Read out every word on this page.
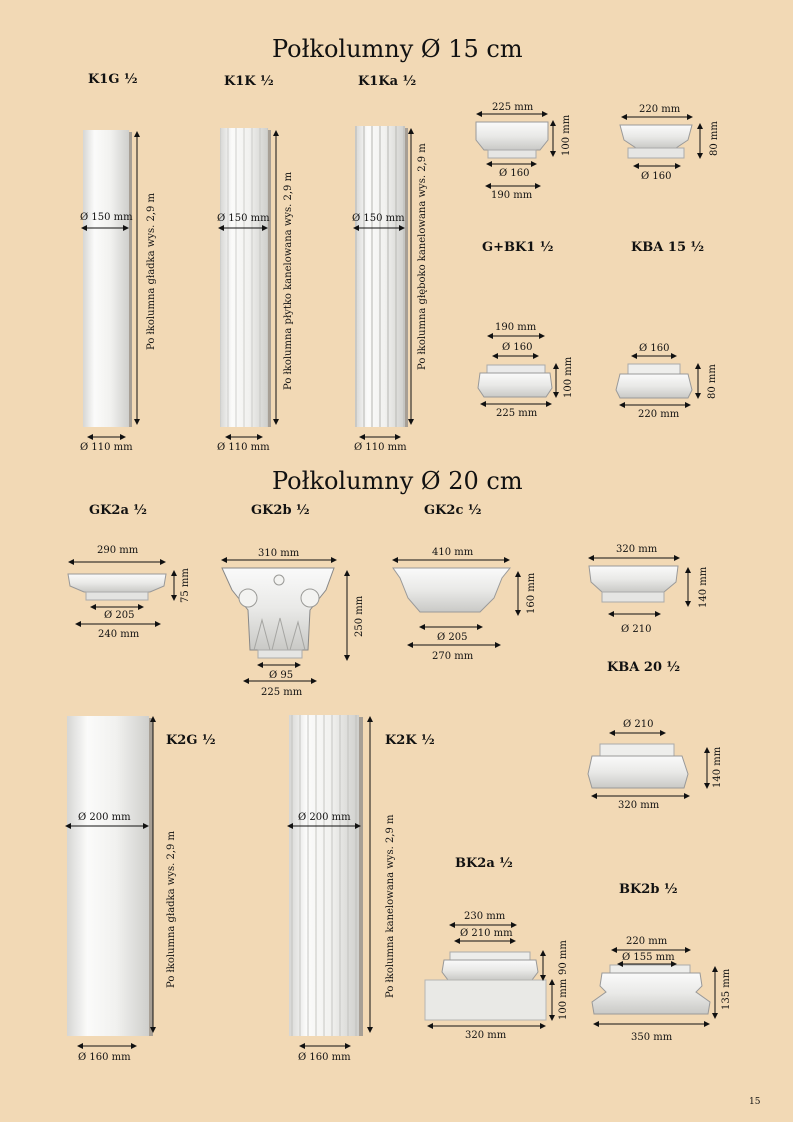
Połkolumny Ø 15 cm
Połkolumny Ø 20 cm
K1G ½	K1K ½	K1Ka ½
Ø 150 mm
Ø 110 mm
Po łkolumna gładka wys. 2,9 m	Ø 150 mm
Ø 110 mm
Po łkolumna płytko kanelowana wys. 2,9 m	Ø 150 mm
Ø 110 mm
Po łkolumna głęboko kanelowana wys. 2,9 m
225 mm
100 mm
Ø 160
190 mm
220 mm
80 mm
Ø 160
G+BK1 ½
190 mm
Ø 160
100 mm
225 mm
KBA 15 ½
Ø 160
80 mm
220 mm
GK2a ½	GK2b ½	GK2c ½
290 mm
75 mm
Ø 205
240 mm
310 mm
250 mm
Ø 95
225 mm
410 mm
160 mm
Ø 205
270 mm
320 mm
140 mm
Ø 210
KBA 20 ½
Ø 210
140 mm
320 mm
K2G ½
Ø 200 mm
Po łkolumna gładka wys. 2,9 m
Ø 160 mm
K2K ½
Ø 200 mm	Po łkolumna kanelowana wys. 2,9 m
Ø 160 mm
BK2a ½
230 mm
Ø 210 mm
90 mm
100 mm
320 mm
BK2b ½
220 mm
Ø 155 mm
135 mm
350 mm
15
